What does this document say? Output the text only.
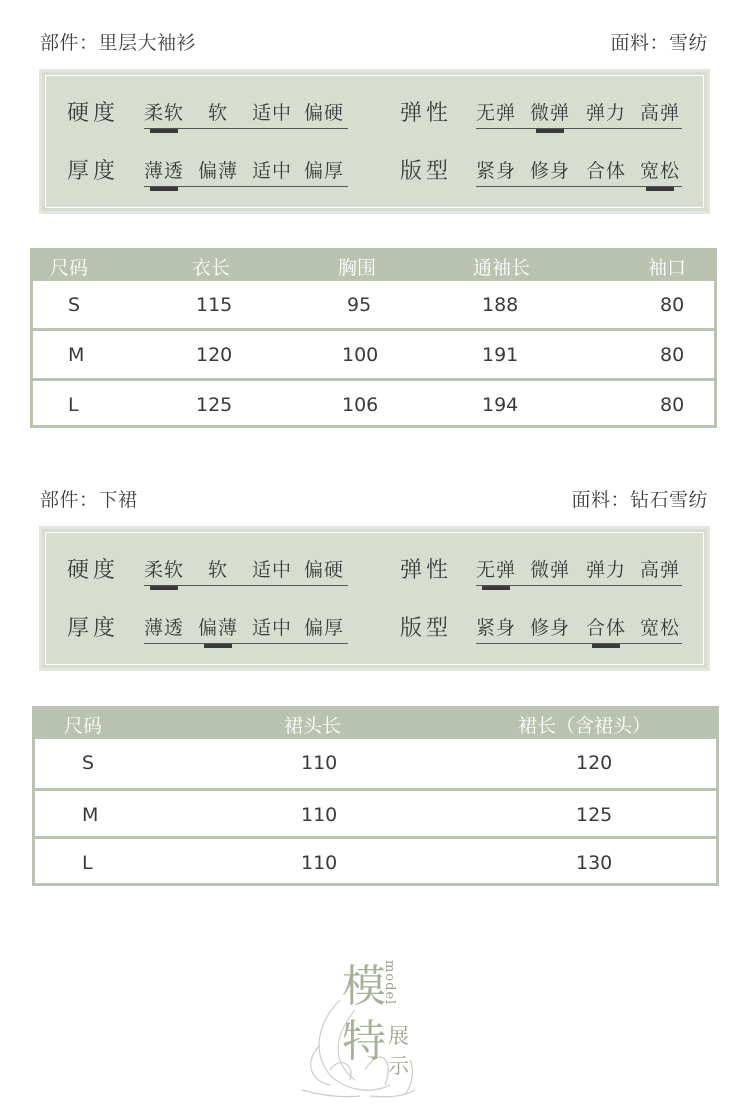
部件：里层大袖衫	面料：雪纺
硬度 柔软 软 适中 偏硬	弹性 无弹 微弹 弹力 高弹
厚度 薄透 偏薄 适中 偏厚	版型 紧身 修身 合体 宽松
尺码	衣长	胸围	通袖长	袖口
S	115	95	188	80
M	120	100	191	80
L	125	106	194	80
部件：下裙	面料：钻石雪纺
硬度 柔软 软 适中 偏硬	弹性 无弹 微弹 弹力 高弹
厚度 薄透 偏薄 适中 偏厚	版型 紧身 修身 合体 宽松
尺码	裙头长	裙长（含裙头）
S	110	120
M	110	125
L	110	130
模
特 展
示
model
